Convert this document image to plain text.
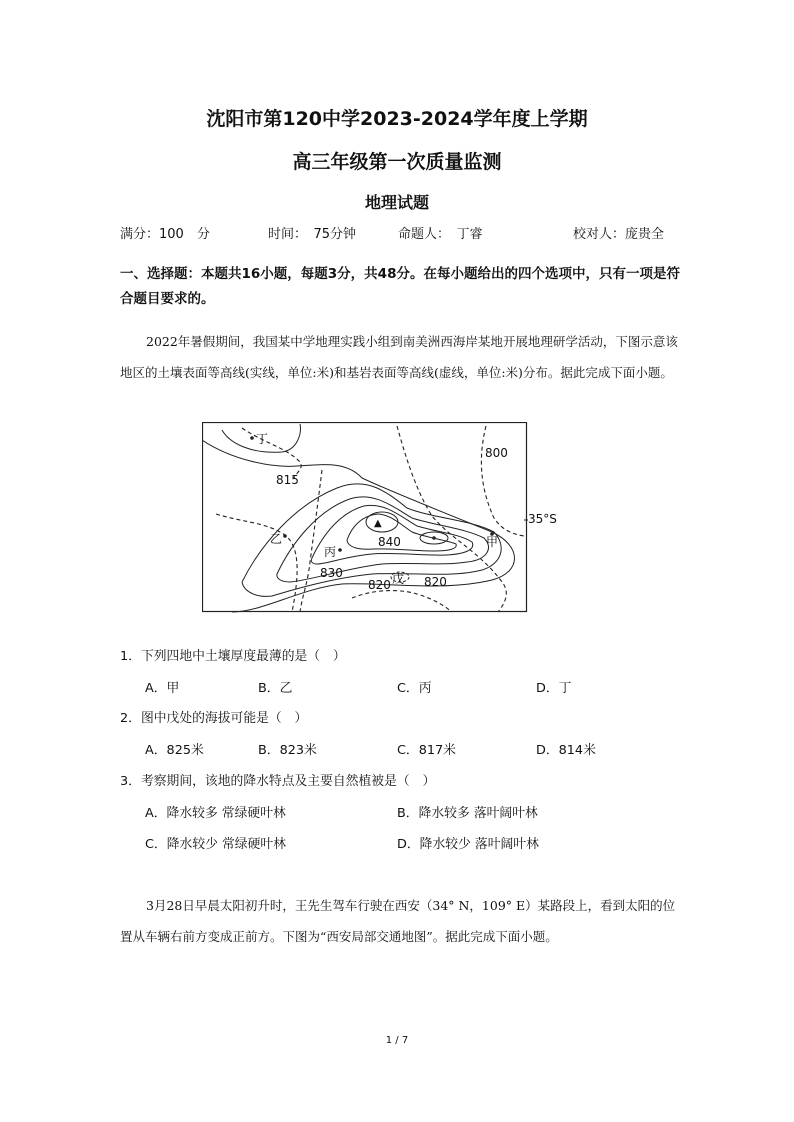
沈阳市第120中学2023-2024学年度上学期
高三年级第一次质量监测
地理试题
满分：100　分	时间：　75分钟	命题人：　丁睿	校对人：庞贵全
一、选择题：本题共16小题，每题3分，共48分。在每小题给出的四个选项中，只有一项是符合题目要求的。
2022年暑假期间，我国某中学地理实践小组到南美洲西海岸某地开展地理研学活动，下图示意该地区的土壤表面等高线(实线，单位:米)和基岩表面等高线(虚线，单位:米)分布。据此完成下面小题。
丁
乙
丙
甲
戊
800
815
840
830
820	820
▲	35°S
1．下列四地中土壤厚度最薄的是（　）
A．甲	B．乙	C．丙	D．丁
2．图中戊处的海拔可能是（　）
A．825米	B．823米	C．817米	D．814米
3．考察期间，该地的降水特点及主要自然植被是（　）
A．降水较多 常绿硬叶林	B．降水较多 落叶阔叶林
C．降水较少 常绿硬叶林	D．降水较少 落叶阔叶林
3月28日早晨太阳初升时，王先生驾车行驶在西安（34° N，109° E）某路段上，看到太阳的位置从车辆右前方变成正前方。下图为“西安局部交通地图”。据此完成下面小题。
1 / 7
